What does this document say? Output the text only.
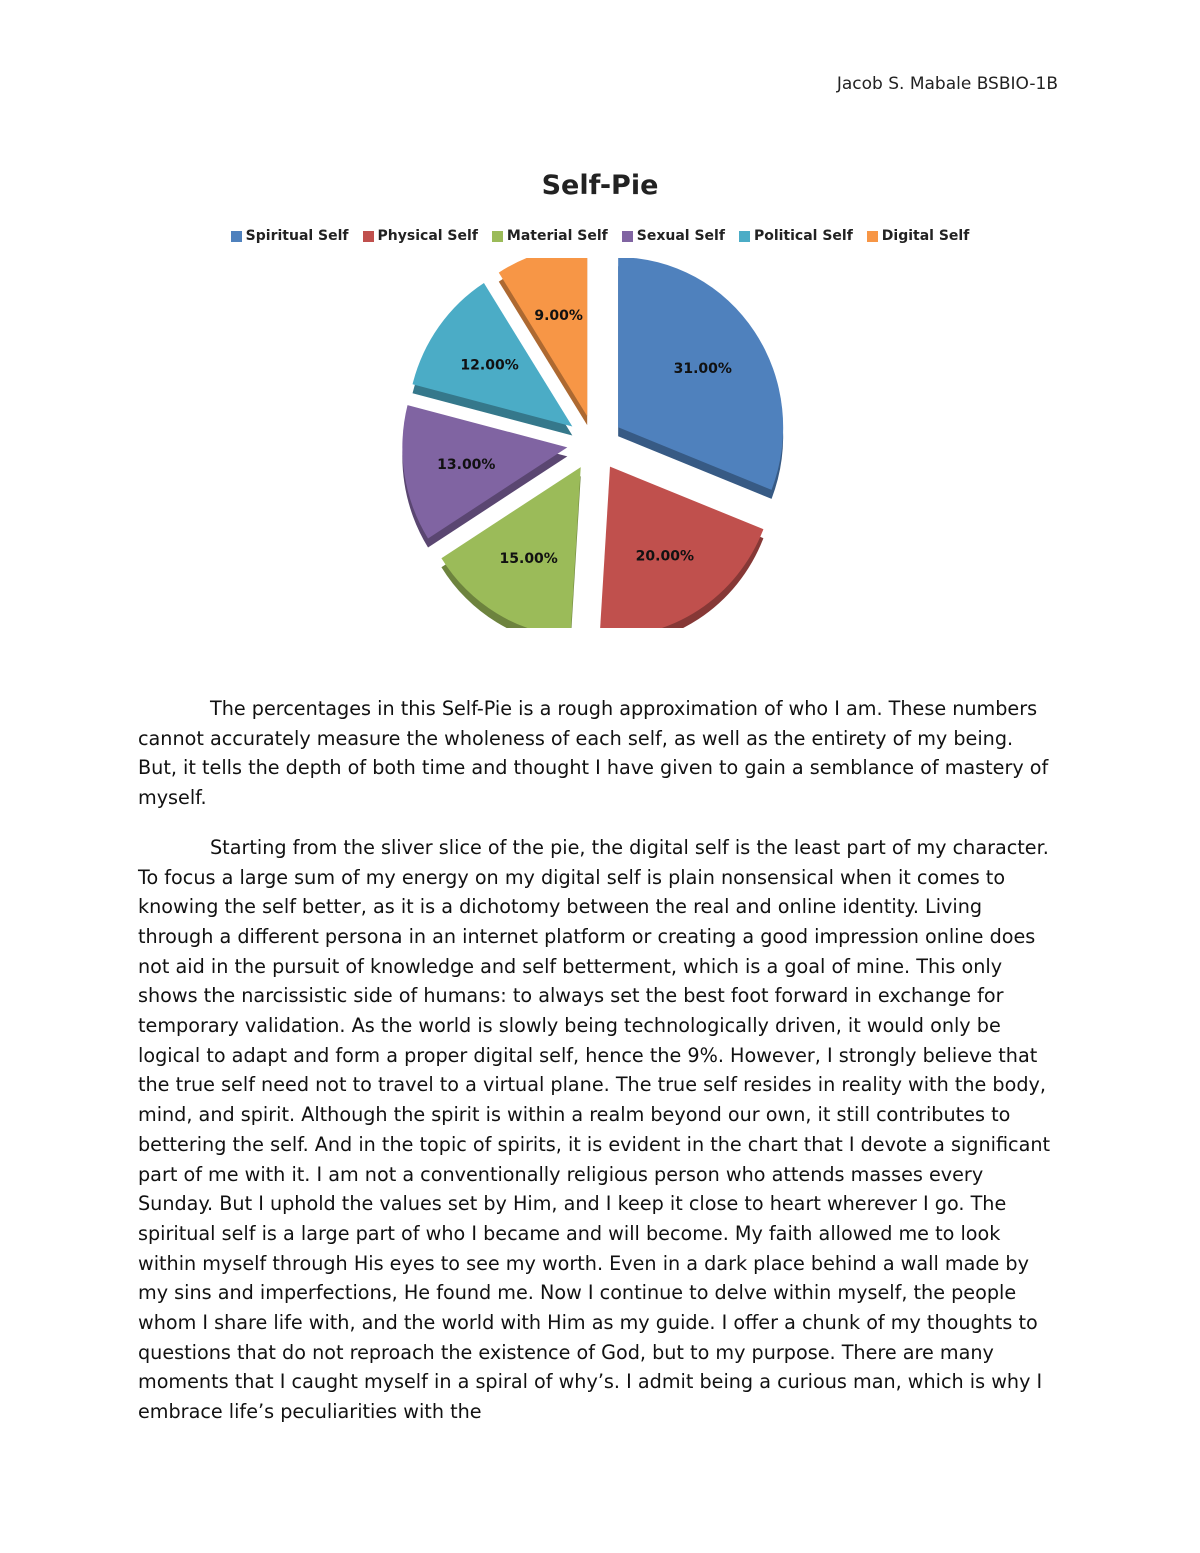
Jacob S. Mabale BSBIO-1B
Self-Pie
Spiritual Self Physical Self Material Self Sexual Self Political Self Digital Self
31.00%
20.00%
15.00%
13.00%
12.00%
9.00%

The percentages in this Self-Pie is a rough approximation of who I am. These numbers cannot accurately measure the wholeness of each self, as well as the entirety of my being. But, it tells the depth of both time and thought I have given to gain a semblance of mastery of myself.

Starting from the sliver slice of the pie, the digital self is the least part of my character. To focus a large sum of my energy on my digital self is plain nonsensical when it comes to knowing the self better, as it is a dichotomy between the real and online identity. Living through a different persona in an internet platform or creating a good impression online does not aid in the pursuit of knowledge and self betterment, which is a goal of mine. This only shows the narcissistic side of humans: to always set the best foot forward in exchange for temporary validation. As the world is slowly being technologically driven, it would only be logical to adapt and form a proper digital self, hence the 9%. However, I strongly believe that the true self need not to travel to a virtual plane. The true self resides in reality with the body, mind, and spirit. Although the spirit is within a realm beyond our own, it still contributes to bettering the self. And in the topic of spirits, it is evident in the chart that I devote a significant part of me with it. I am not a conventionally religious person who attends masses every Sunday. But I uphold the values set by Him, and I keep it close to heart wherever I go. The spiritual self is a large part of who I became and will become. My faith allowed me to look within myself through His eyes to see my worth. Even in a dark place behind a wall made by my sins and imperfections, He found me. Now I continue to delve within myself, the people whom I share life with, and the world with Him as my guide. I offer a chunk of my thoughts to questions that do not reproach the existence of God, but to my purpose. There are many moments that I caught myself in a spiral of why’s. I admit being a curious man, which is why I embrace life’s peculiarities with the
